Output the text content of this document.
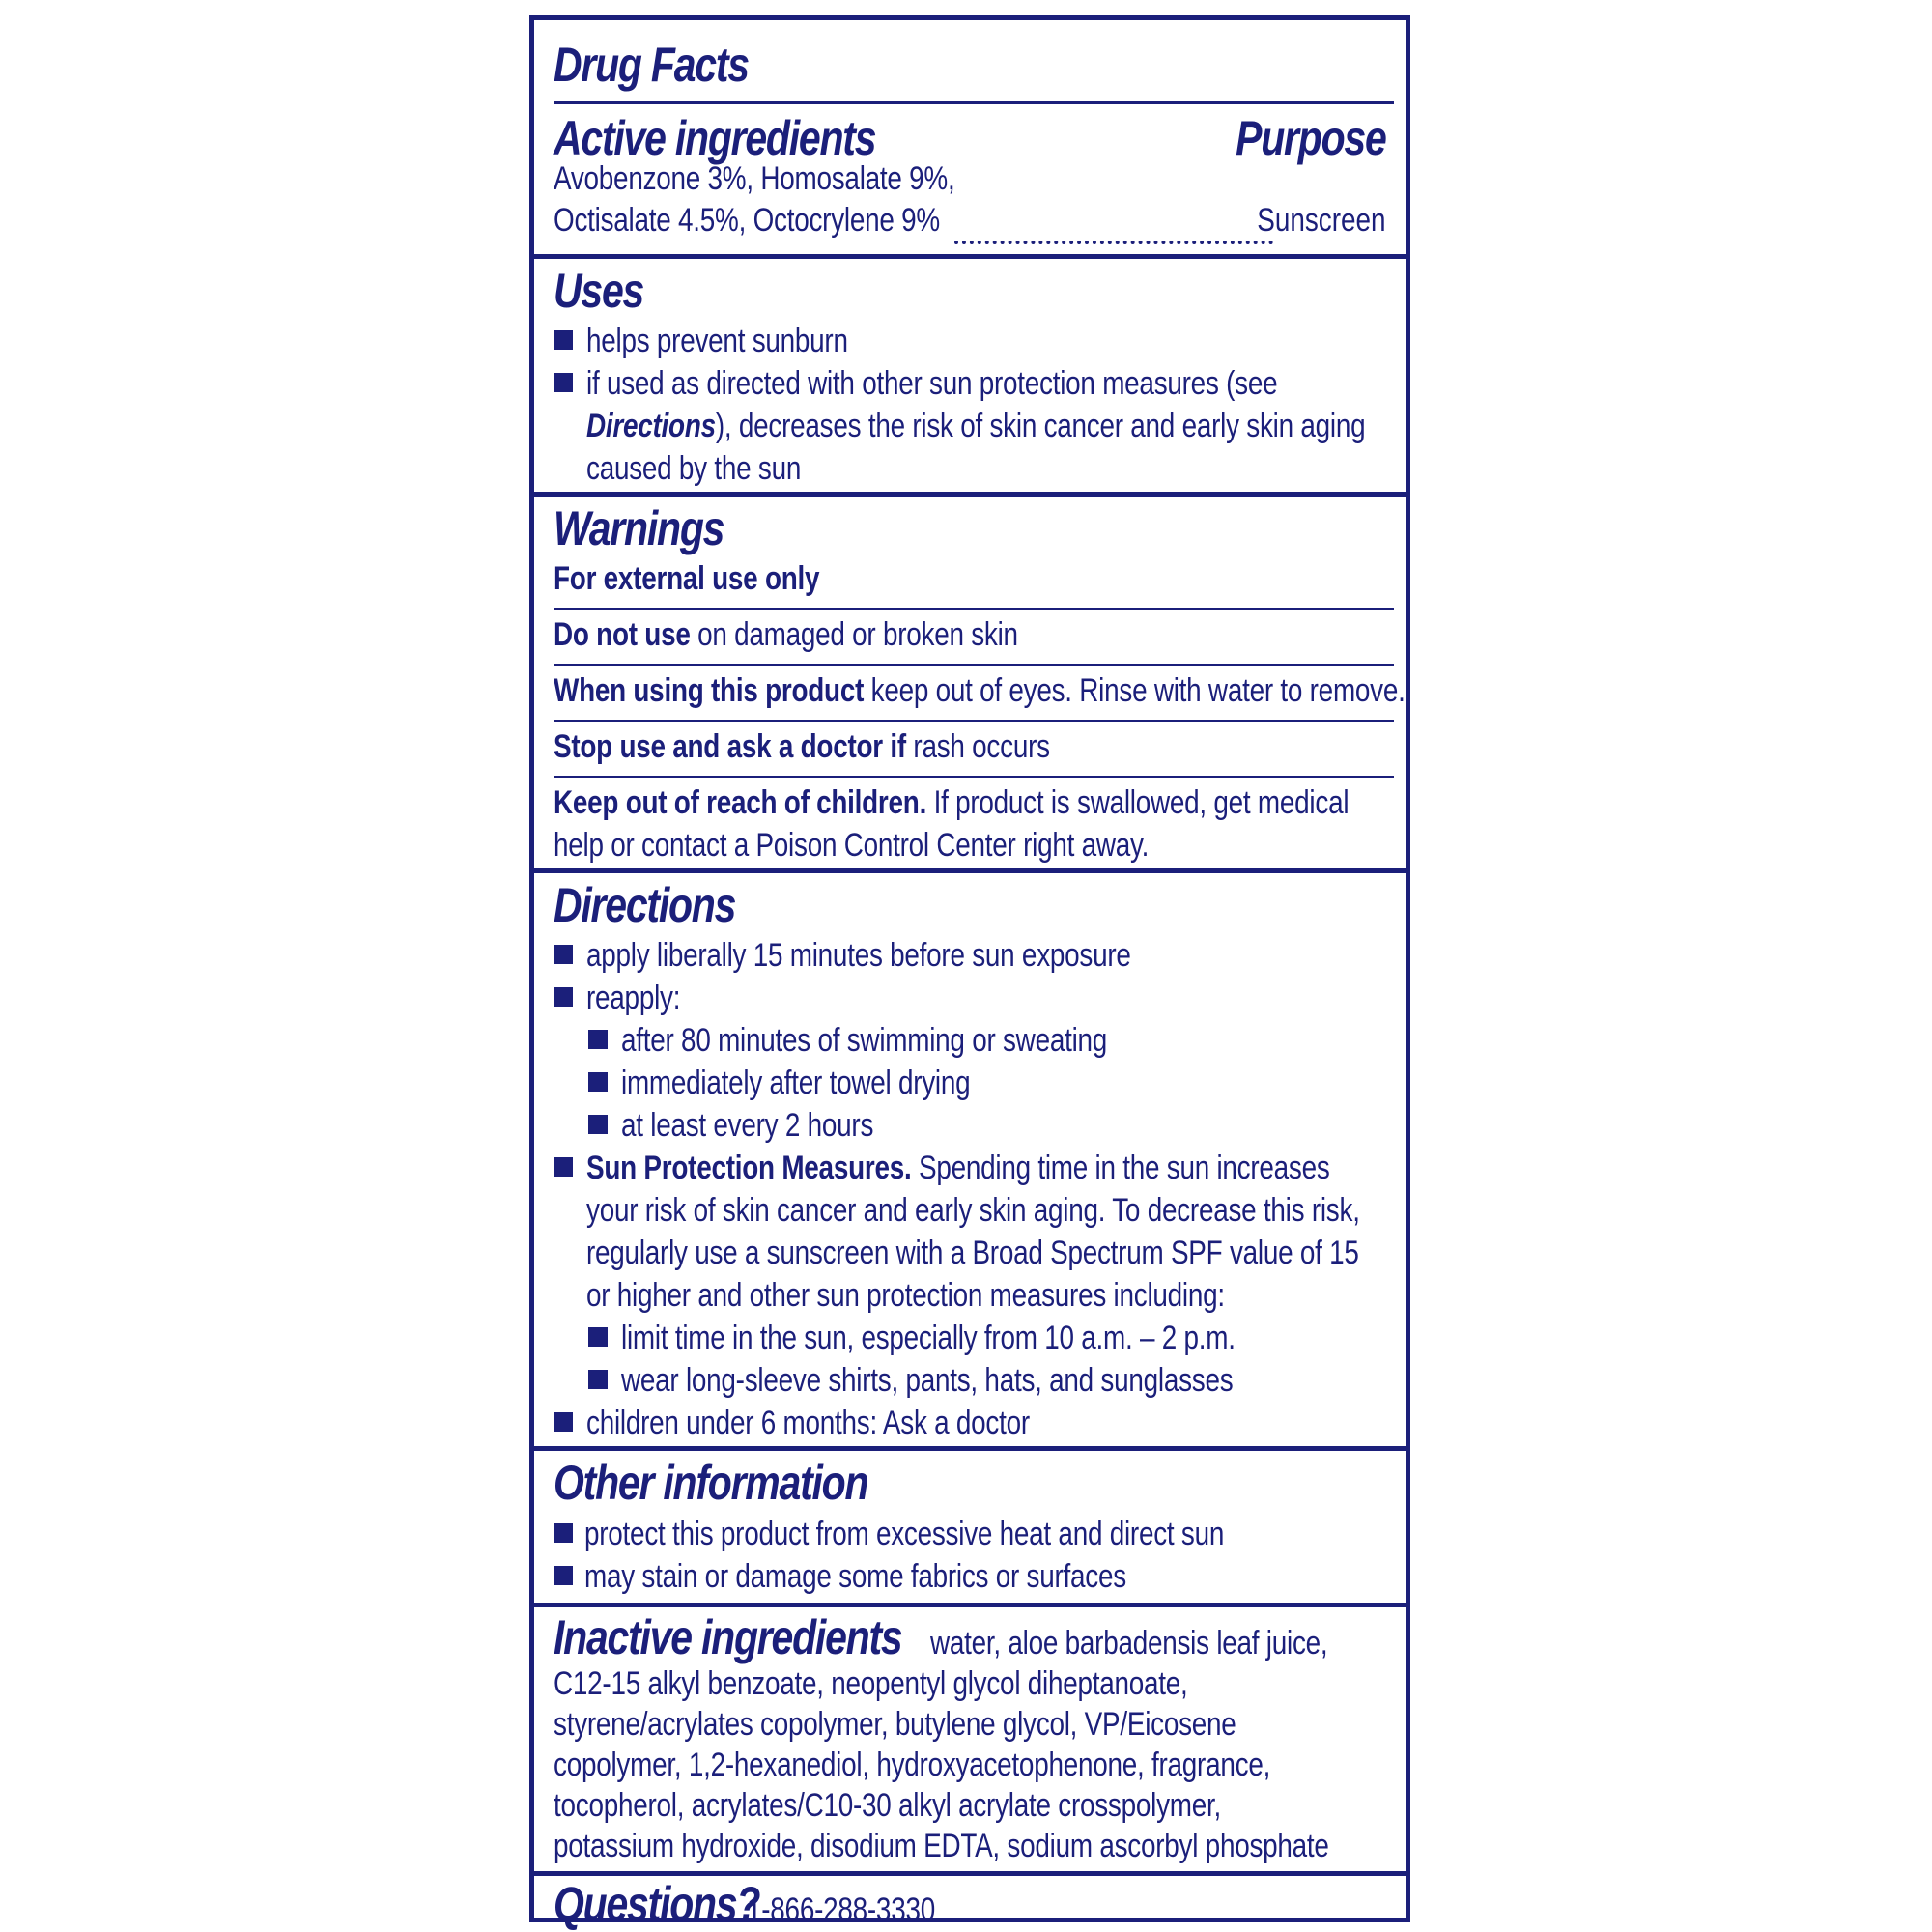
Drug Facts
Active ingredients	Purpose
Avobenzone 3%, Homosalate 9%,
Octisalate 4.5%, Octocrylene 9%	Sunscreen
Uses
helps prevent sunburn
if used as directed with other sun protection measures (see
Directions), decreases the risk of skin cancer and early skin aging
caused by the sun
Warnings
For external use only
Do not use on damaged or broken skin
When using this product keep out of eyes. Rinse with water to remove.
Stop use and ask a doctor if rash occurs
Keep out of reach of children. If product is swallowed, get medical
help or contact a Poison Control Center right away.
Directions
apply liberally 15 minutes before sun exposure
reapply:
after 80 minutes of swimming or sweating
immediately after towel drying
at least every 2 hours
Sun Protection Measures. Spending time in the sun increases
your risk of skin cancer and early skin aging. To decrease this risk,
regularly use a sunscreen with a Broad Spectrum SPF value of 15
or higher and other sun protection measures including:
limit time in the sun, especially from 10 a.m. – 2 p.m.
wear long-sleeve shirts, pants, hats, and sunglasses
children under 6 months: Ask a doctor
Other information
protect this product from excessive heat and direct sun
may stain or damage some fabrics or surfaces
Inactive ingredients water, aloe barbadensis leaf juice,
C12-15 alkyl benzoate, neopentyl glycol diheptanoate,
styrene/acrylates copolymer, butylene glycol, VP/Eicosene
copolymer, 1,2-hexanediol, hydroxyacetophenone, fragrance,
tocopherol, acrylates/C10-30 alkyl acrylate crosspolymer,
potassium hydroxide, disodium EDTA, sodium ascorbyl phosphate
Questions?
1-866-288-3330
